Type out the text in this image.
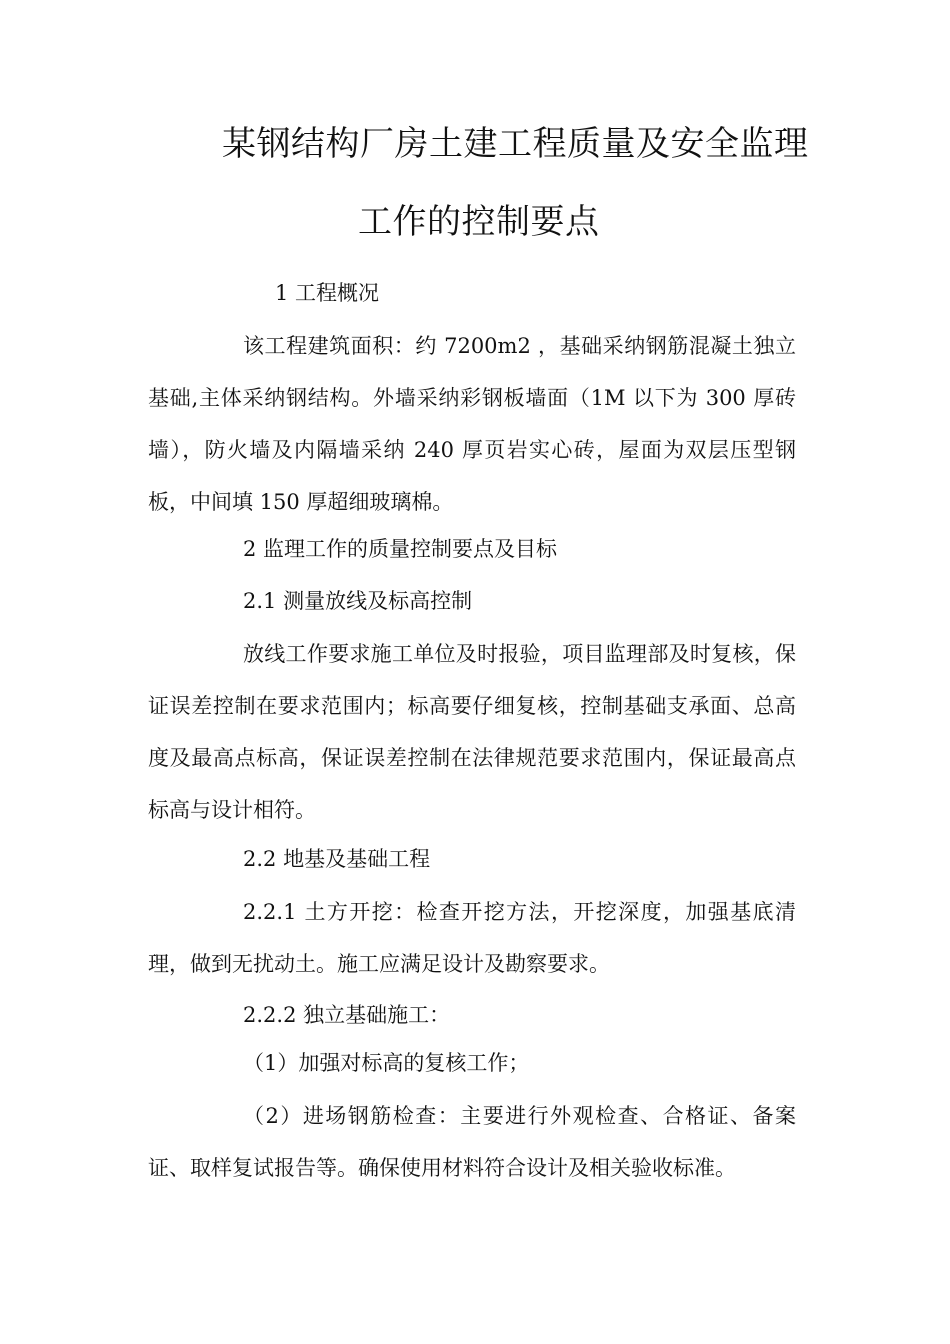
某钢结构厂房土建工程质量及安全监理
工作的控制要点
1 工程概况

该工程建筑面积：约 7200m2 ，基础采纳钢筋混凝土独立基础,主体采纳钢结构。外墙采纳彩钢板墙面（1M 以下为 300 厚砖墙），防火墙及内隔墙采纳 240 厚页岩实心砖，屋面为双层压型钢板，中间填 150 厚超细玻璃棉。

2 监理工作的质量控制要点及目标
2.1 测量放线及标高控制

放线工作要求施工单位及时报验，项目监理部及时复核，保证误差控制在要求范围内；标高要仔细复核，控制基础支承面、总高度及最高点标高，保证误差控制在法律规范要求范围内，保证最高点标高与设计相符。

2.2 地基及基础工程

2.2.1 土方开挖：检查开挖方法，开挖深度，加强基底清理，做到无扰动土。施工应满足设计及勘察要求。

2.2.2 独立基础施工：
（1）加强对标高的复核工作；

（2）进场钢筋检查：主要进行外观检查、合格证、备案证、取样复试报告等。确保使用材料符合设计及相关验收标准。
